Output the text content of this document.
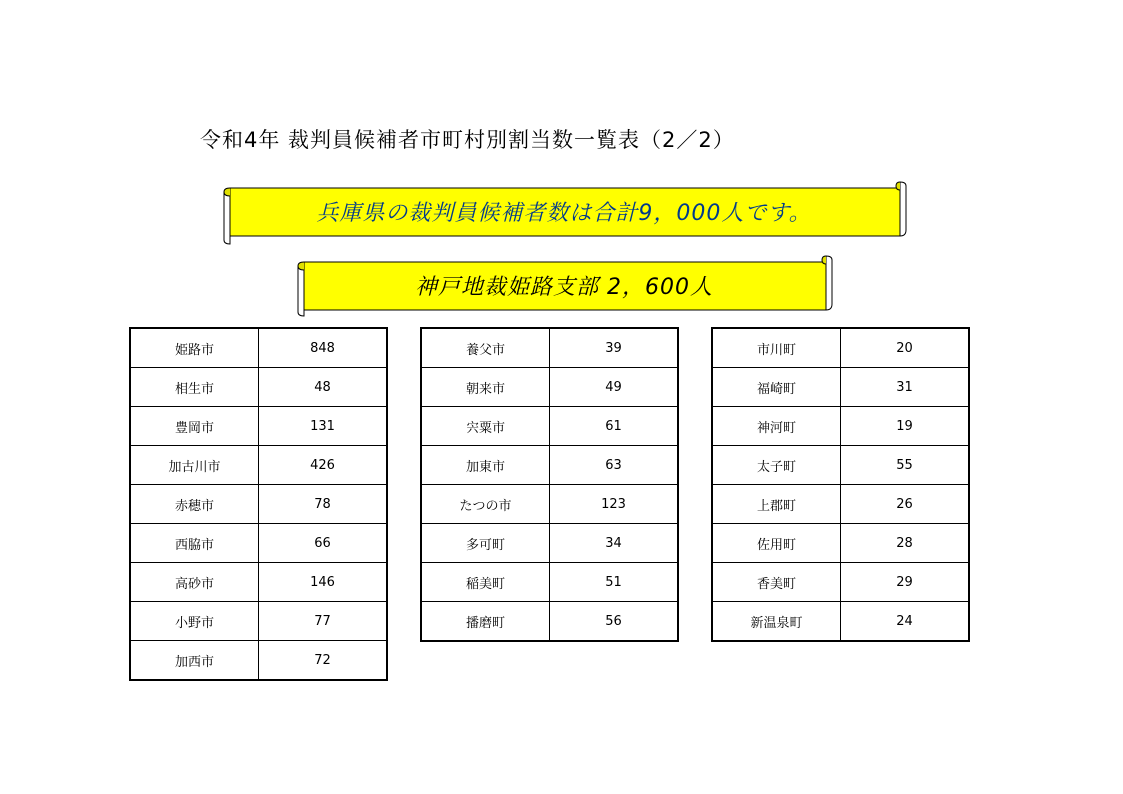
令和4年 裁判員候補者市町村別割当数一覧表（2／2）
兵庫県の裁判員候補者数は合計9，000人です。
神戸地裁姫路支部 2，600人
姫路市	848
相生市	48
豊岡市	131
加古川市	426
赤穂市	78
西脇市	66
高砂市	146
小野市	77
加西市	72
養父市	39
朝来市	49
宍粟市	61
加東市	63
たつの市	123
多可町	34
稲美町	51
播磨町	56
市川町	20
福崎町	31
神河町	19
太子町	55
上郡町	26
佐用町	28
香美町	29
新温泉町	24
